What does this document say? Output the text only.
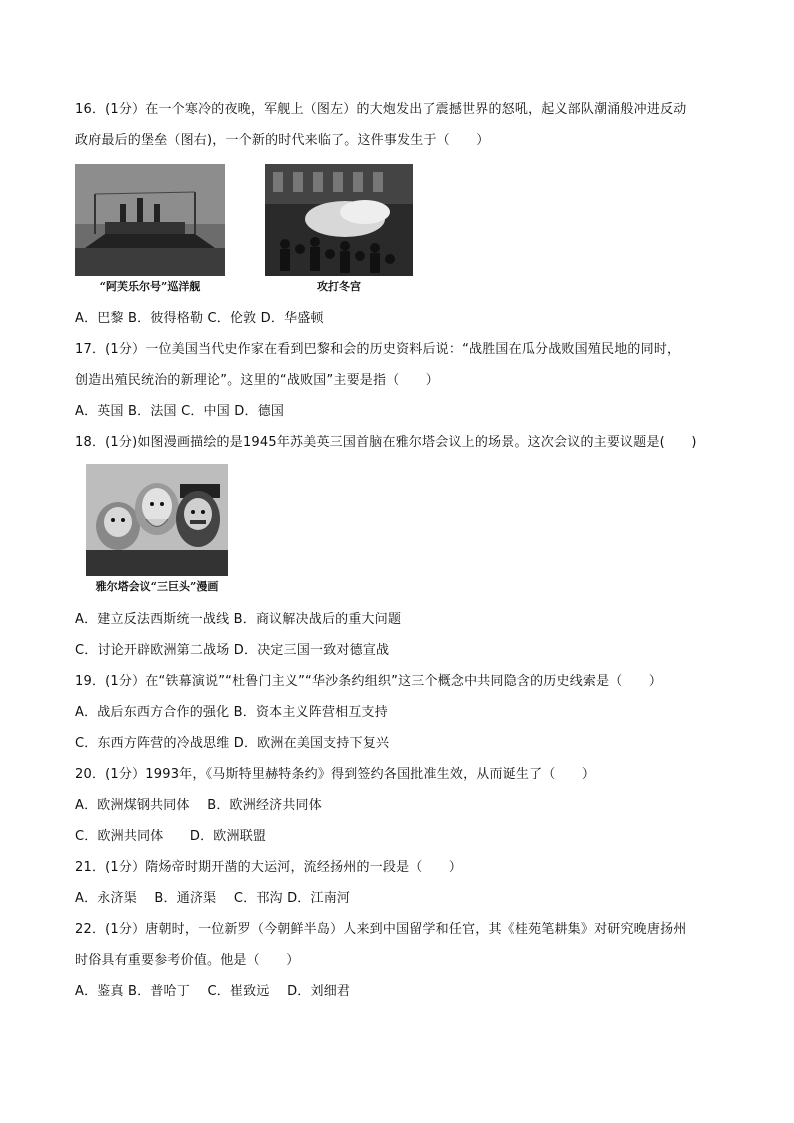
16．(1分）在一个寒冷的夜晚，军舰上（图左）的大炮发出了震撼世界的怒吼，起义部队潮涌般冲进反动
政府最后的堡垒（图右)，一个新的时代来临了。这件事发生于（　　）
“阿芙乐尔号”巡洋舰	攻打冬宫
A．巴黎 B．彼得格勒 C．伦敦 D．华盛顿
17．(1分）一位美国当代史作家在看到巴黎和会的历史资料后说：“战胜国在瓜分战败国殖民地的同时，
创造出殖民统治的新理论”。这里的“战败国”主要是指（　　）
A．英国 B．法国 C．中国 D．德国
18．(1分)如图漫画描绘的是1945年苏美英三国首脑在雅尔塔会议上的场景。这次会议的主要议题是(　　)
雅尔塔会议“三巨头”漫画
A．建立反法西斯统一战线 B．商议解决战后的重大问题
C．讨论开辟欧洲第二战场 D．决定三国一致对德宣战
19．(1分）在“铁幕演说”“杜鲁门主义”“华沙条约组织”这三个概念中共同隐含的历史线索是（　　）
A．战后东西方合作的强化 B．资本主义阵营相互支持
C．东西方阵营的冷战思维 D．欧洲在美国支持下复兴
20．(1分）1993年，《马斯特里赫特条约》得到签约各国批准生效，从而诞生了（　　）
A．欧洲煤钢共同体　 B．欧洲经济共同体
C．欧洲共同体　　D．欧洲联盟
21．(1分）隋炀帝时期开凿的大运河，流经扬州的一段是（　　）
A．永济渠　 B．通济渠　 C．邗沟 D．江南河
22．(1分）唐朝时，一位新罗（今朝鲜半岛）人来到中国留学和任官，其《桂苑笔耕集》对研究晚唐扬州
时俗具有重要参考价值。他是（　　）
A．鉴真 B．普哈丁　 C．崔致远　 D．刘细君
